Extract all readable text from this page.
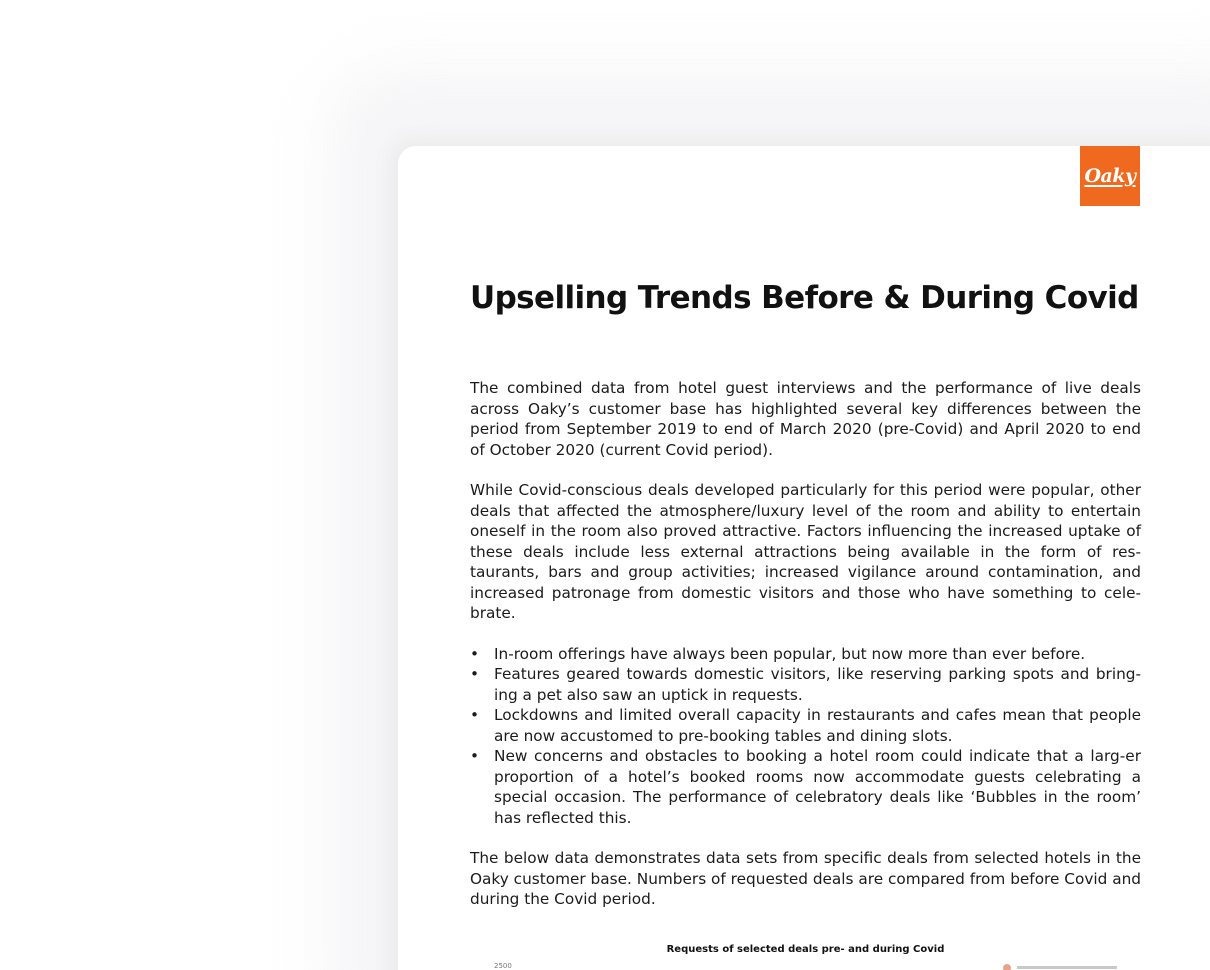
Oaky
Upselling Trends Before & During Covid

The combined data from hotel guest interviews and the performance of live deals across Oaky’s customer base has highlighted several key differences between the period from September 2019 to end of March 2020 (pre-Covid) and April 2020 to end of October 2020 (current Covid period).

While Covid-conscious deals developed particularly for this period were popular, other deals that affected the atmosphere/luxury level of the room and ability to entertain oneself in the room also proved attractive. Factors influencing the increased uptake of these deals include less external attractions being available in the form of res-taurants, bars and group activities; increased vigilance around contamination, and increased patronage from domestic visitors and those who have something to cele-brate.

• In-room offerings have always been popular, but now more than ever before.
• Features geared towards domestic visitors, like reserving parking spots and bring-ing a pet also saw an uptick in requests.
• Lockdowns and limited overall capacity in restaurants and cafes mean that people are now accustomed to pre-booking tables and dining slots.
• New concerns and obstacles to booking a hotel room could indicate that a larg-er proportion of a hotel’s booked rooms now accommodate guests celebrating a special occasion. The performance of celebratory deals like ‘Bubbles in the room’ has reflected this.

The below data demonstrates data sets from specific deals from selected hotels in the Oaky customer base. Numbers of requested deals are compared from before Covid and during the Covid period.

Requests of selected deals pre- and during Covid
2500
